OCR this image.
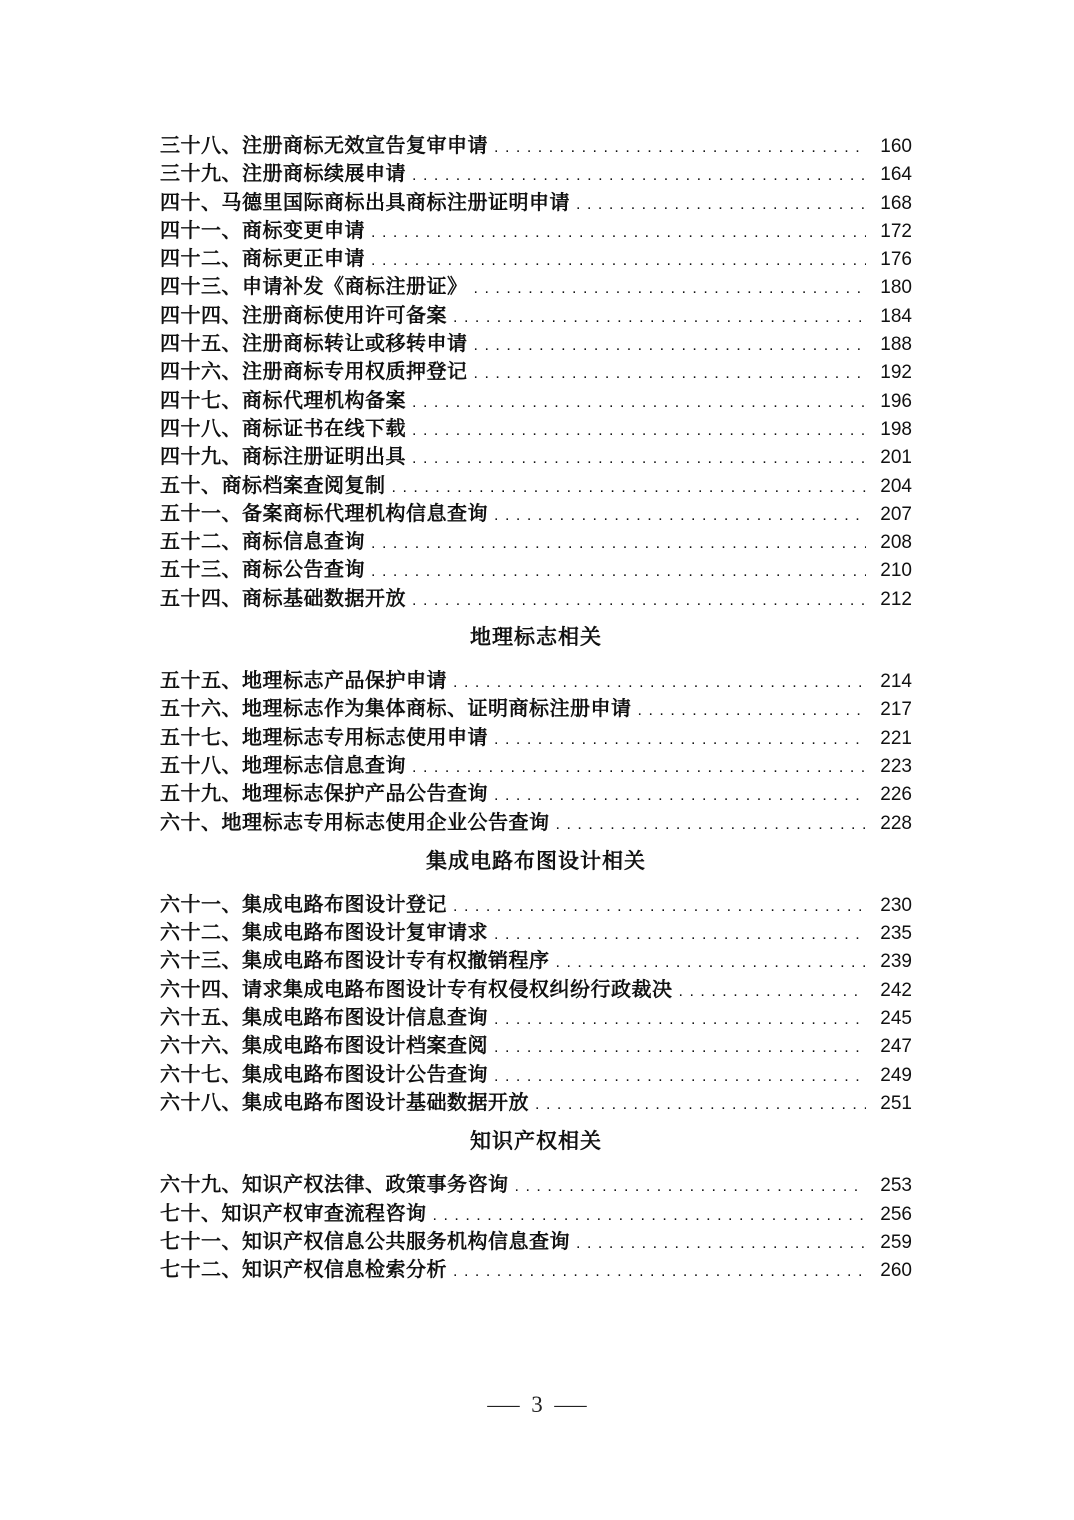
三十八、注册商标无效宣告复审申请 .....	160
三十九、注册商标续展申请 .....	164
四十、马德里国际商标出具商标注册证明申请 .....	168
四十一、商标变更申请 .....	172
四十二、商标更正申请 .....	176
四十三、申请补发《商标注册证》 .....	180
四十四、注册商标使用许可备案 .....	184
四十五、注册商标转让或移转申请 .....	188
四十六、注册商标专用权质押登记 .....	192
四十七、商标代理机构备案 .....	196
四十八、商标证书在线下载 .....	198
四十九、商标注册证明出具 .....	201
五十、商标档案查阅复制 .....	204
五十一、备案商标代理机构信息查询 .....	207
五十二、商标信息查询 .....	208
五十三、商标公告查询 .....	210
五十四、商标基础数据开放 .....	212
地理标志相关
五十五、地理标志产品保护申请 .....	214
五十六、地理标志作为集体商标、证明商标注册申请 .....	217
五十七、地理标志专用标志使用申请 .....	221
五十八、地理标志信息查询 .....	223
五十九、地理标志保护产品公告查询 .....	226
六十、地理标志专用标志使用企业公告查询 .....	228
集成电路布图设计相关
六十一、集成电路布图设计登记 .....	230
六十二、集成电路布图设计复审请求 .....	235
六十三、集成电路布图设计专有权撤销程序 .....	239
六十四、请求集成电路布图设计专有权侵权纠纷行政裁决 .....	242
六十五、集成电路布图设计信息查询 .....	245
六十六、集成电路布图设计档案查阅 .....	247
六十七、集成电路布图设计公告查询 .....	249
六十八、集成电路布图设计基础数据开放 .....	251
知识产权相关
六十九、知识产权法律、政策事务咨询 .....	253
七十、知识产权审查流程咨询 .....	256
七十一、知识产权信息公共服务机构信息查询 .....	259
七十二、知识产权信息检索分析 .....	260
— 3 —
